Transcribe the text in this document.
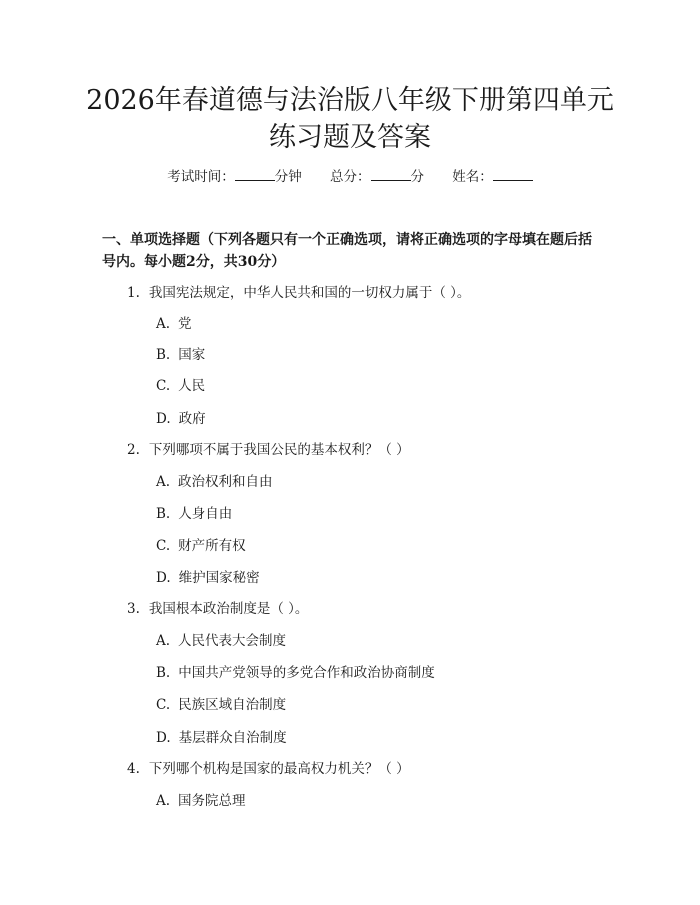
2026年春道德与法治版八年级下册第四单元
练习题及答案
考试时间：	分钟 总分：	分 姓名：
一、单项选择题（下列各题只有一个正确选项，请将正确选项的字母填在题后括号内。每小题2分，共30分）
1. 我国宪法规定，中华人民共和国的一切权力属于（ ）。
A. 党
B. 国家
C. 人民
D. 政府
2. 下列哪项不属于我国公民的基本权利？（ ）
A. 政治权利和自由
B. 人身自由
C. 财产所有权
D. 维护国家秘密
3. 我国根本政治制度是（ ）。
A. 人民代表大会制度
B. 中国共产党领导的多党合作和政治协商制度
C. 民族区域自治制度
D. 基层群众自治制度
4. 下列哪个机构是国家的最高权力机关？（ ）
A. 国务院总理
